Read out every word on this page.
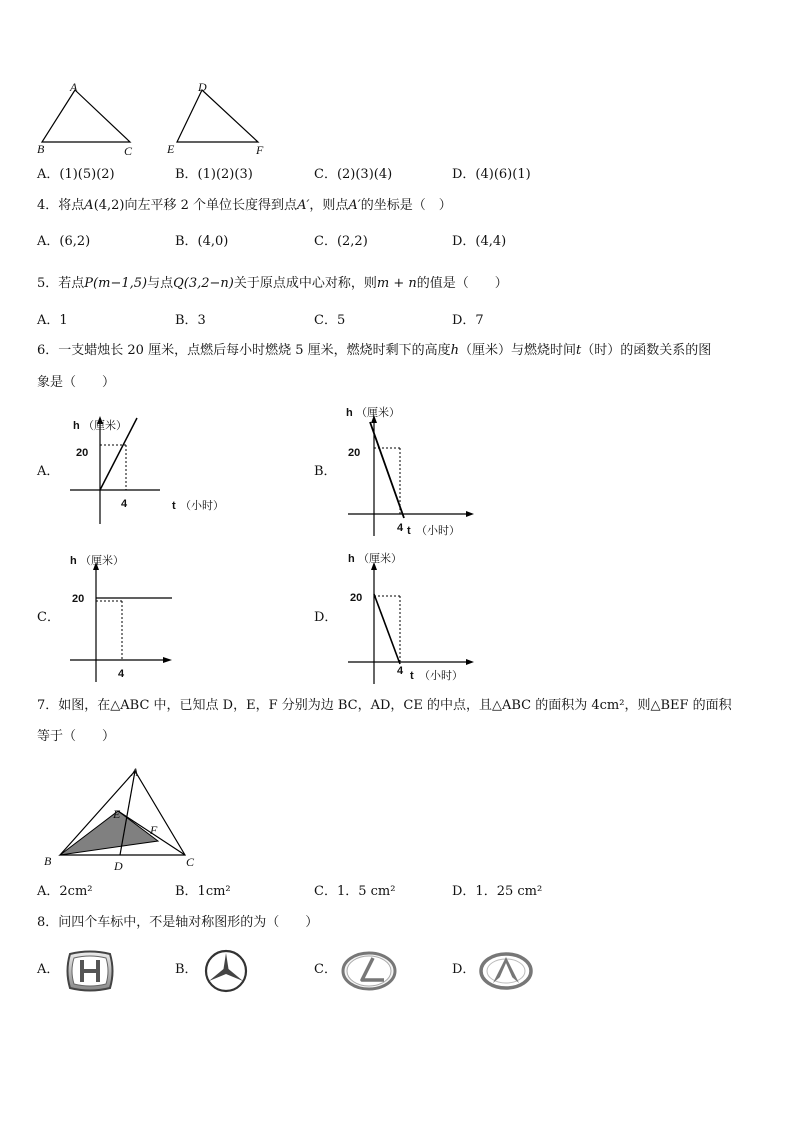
A
B	C
D
E	F
A．(1)(5)(2)	B．(1)(2)(3)	C．(2)(3)(4)	D．(4)(6)(1)
4．将点A(4,2)向左平移 2 个单位长度得到点A′，则点A′的坐标是（　）
A．(6,2)	B．(4,0)	C．(2,2)	D．(4,4)
5．若点P(m−1,5)与点Q(3,2−n)关于原点成中心对称，则m + n的值是（　　）
A．1	B．3	C．5	D．7
6．一支蜡烛长 20 厘米，点燃后每小时燃烧 5 厘米，燃烧时剩下的高度h（厘米）与燃烧时间t（时）的函数关系的图
象是（　　）
A．
h （厘米）
20
4	t （小时）
B．
h （厘米）
20
4 t （小时）
C．
h （厘米）
20
4
D．
h （厘米）
20
4 t （小时）
7．如图，在△ABC 中，已知点 D，E，F 分别为边 BC，AD，CE 的中点，且△ABC 的面积为 4cm²，则△BEF 的面积
等于（　　）
A
B	C
D
E
F
A．2cm²	B．1cm²	C．1．5 cm²	D．1．25 cm²
8．问四个车标中，不是轴对称图形的为（　　）
A．	B．	C．	D．
